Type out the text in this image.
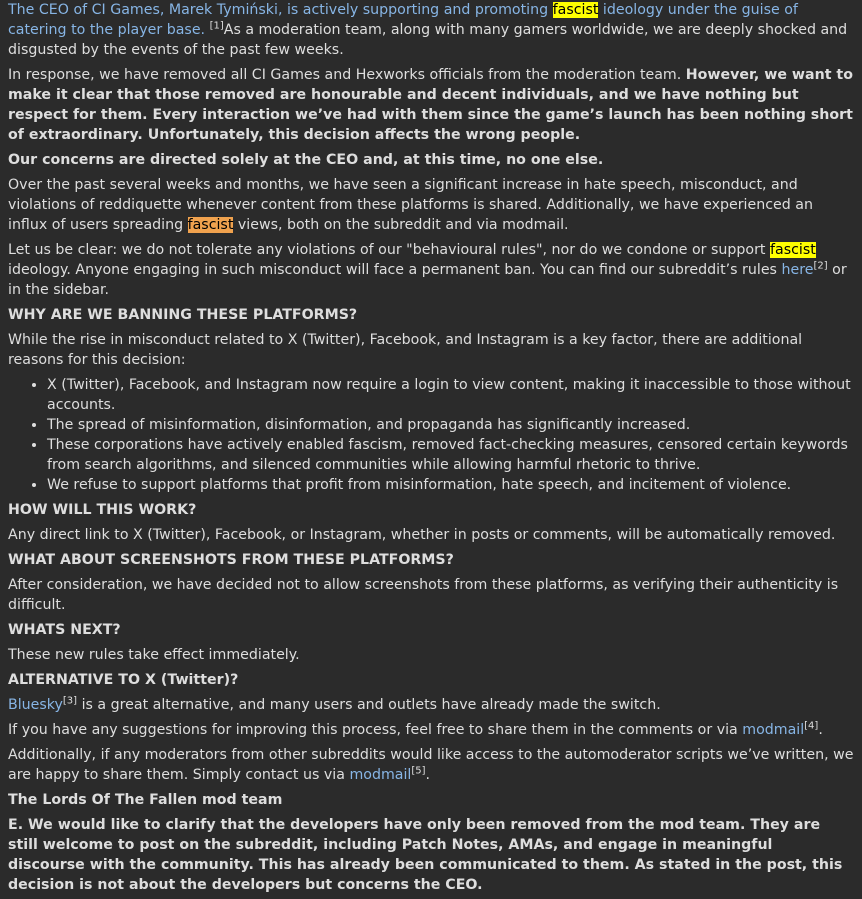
The CEO of CI Games, Marek Tymiński, is actively supporting and promoting fascist ideology under the guise of catering to the player base. [1]As a moderation team, along with many gamers worldwide, we are deeply shocked and disgusted by the events of the past few weeks.

In response, we have removed all CI Games and Hexworks officials from the moderation team. However, we want to make it clear that those removed are honourable and decent individuals, and we have nothing but respect for them. Every interaction we’ve had with them since the game’s launch has been nothing short of extraordinary. Unfortunately, this decision affects the wrong people.

Our concerns are directed solely at the CEO and, at this time, no one else.

Over the past several weeks and months, we have seen a significant increase in hate speech, misconduct, and violations of reddiquette whenever content from these platforms is shared. Additionally, we have experienced an influx of users spreading fascist views, both on the subreddit and via modmail.

Let us be clear: we do not tolerate any violations of our "behavioural rules", nor do we condone or support fascist ideology. Anyone engaging in such misconduct will face a permanent ban. You can find our subreddit’s rules here[2] or in the sidebar.

WHY ARE WE BANNING THESE PLATFORMS?

While the rise in misconduct related to X (Twitter), Facebook, and Instagram is a key factor, there are additional reasons for this decision:

• X (Twitter), Facebook, and Instagram now require a login to view content, making it inaccessible to those without accounts.
• The spread of misinformation, disinformation, and propaganda has significantly increased.
• These corporations have actively enabled fascism, removed fact-checking measures, censored certain keywords from search algorithms, and silenced communities while allowing harmful rhetoric to thrive.
• We refuse to support platforms that profit from misinformation, hate speech, and incitement of violence.

HOW WILL THIS WORK?

Any direct link to X (Twitter), Facebook, or Instagram, whether in posts or comments, will be automatically removed.

WHAT ABOUT SCREENSHOTS FROM THESE PLATFORMS?

After consideration, we have decided not to allow screenshots from these platforms, as verifying their authenticity is difficult.

WHATS NEXT?

These new rules take effect immediately.

ALTERNATIVE TO X (Twitter)?

Bluesky[3] is a great alternative, and many users and outlets have already made the switch.

If you have any suggestions for improving this process, feel free to share them in the comments or via modmail[4].

Additionally, if any moderators from other subreddits would like access to the automoderator scripts we’ve written, we are happy to share them. Simply contact us via modmail[5].

The Lords Of The Fallen mod team

E. We would like to clarify that the developers have only been removed from the mod team. They are still welcome to post on the subreddit, including Patch Notes, AMAs, and engage in meaningful discourse with the community. This has already been communicated to them. As stated in the post, this decision is not about the developers but concerns the CEO.
